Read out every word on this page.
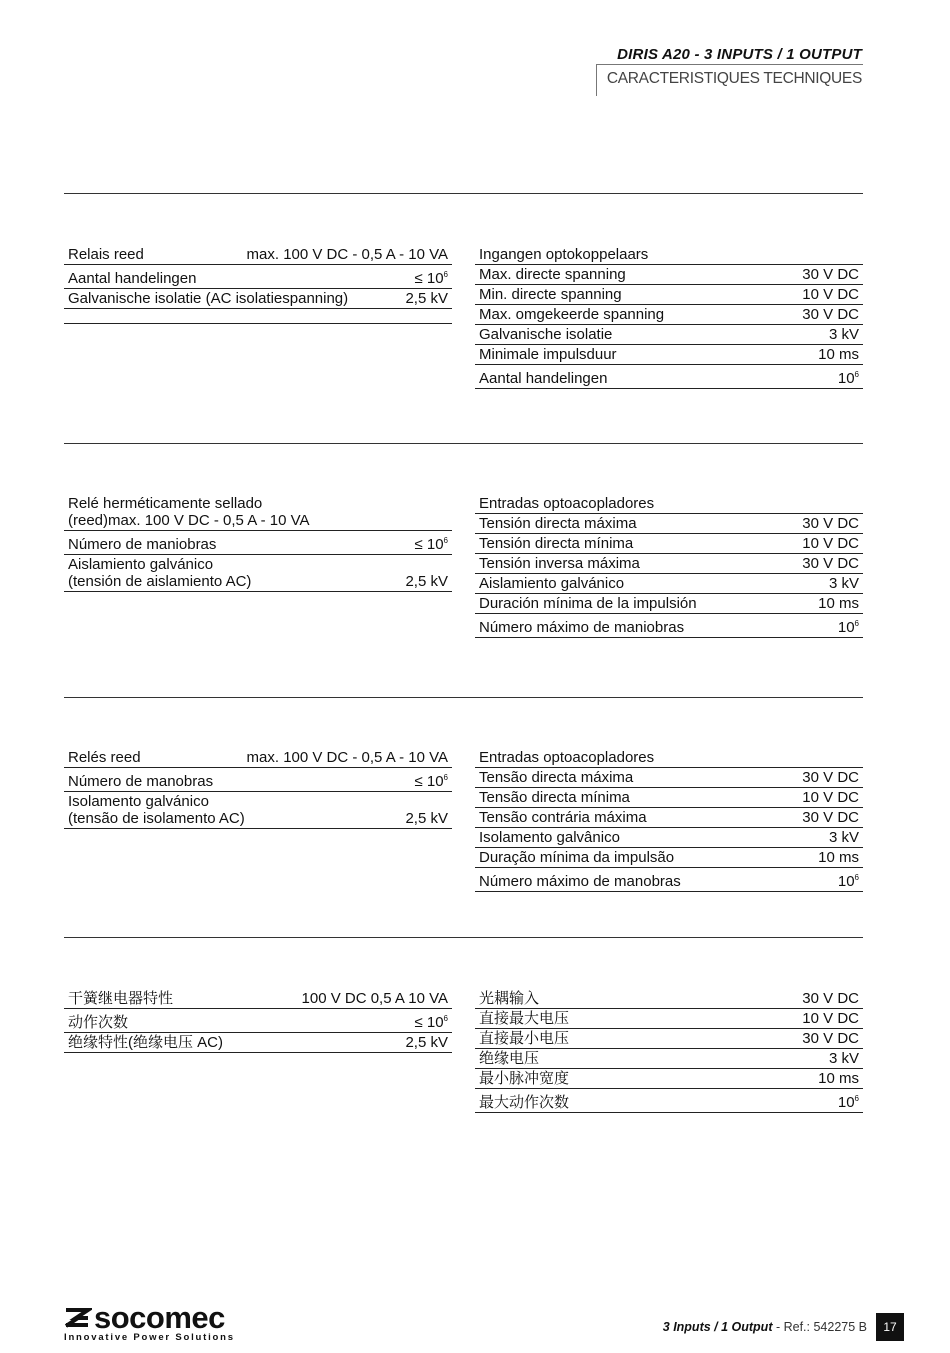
DIRIS A20 - 3 INPUTS / 1 OUTPUT
CARACTERISTIQUES TECHNIQUES
Relais reed	max. 100 V DC - 0,5 A - 10 VA
Aantal handelingen	≤ $10^6$
Galvanische isolatie (AC isolatiespanning)	2,5 kV
Ingangen optokoppelaars
Max. directe spanning	30 V DC
Min. directe spanning	10 V DC
Max. omgekeerde spanning	30 V DC
Galvanische isolatie	3 kV
Minimale impulsduur	10 ms
Aantal handelingen	$10^6$
Relé herméticamente sellado (reed)max. 100 V DC - 0,5 A - 10 VA
Número de maniobras	≤ $10^6$
Aislamiento galvánico
(tensión de aislamiento AC)	2,5 kV
Entradas optoacopladores
Tensión directa máxima	30 V DC
Tensión directa mínima	10 V DC
Tensión inversa máxima	30 V DC
Aislamiento galvánico	3 kV
Duración mínima de la impulsión	10 ms
Número máximo de maniobras	$10^6$
Relés reed	max. 100 V DC - 0,5 A - 10 VA
Número de manobras	≤ $10^6$
Isolamento galvánico
(tensão de isolamento AC)	2,5 kV
Entradas optoacopladores
Tensão directa máxima	30 V DC
Tensão directa mínima	10 V DC
Tensão contrária máxima	30 V DC
Isolamento galvânico	3 kV
Duração mínima da impulsão	10 ms
Número máximo de manobras	$10^6$
干簧继电器特性	100 V DC 0,5 A 10 VA
动作次数	≤ $10^6$
绝缘特性(绝缘电压 AC)	2,5 kV
光耦输入	30 V DC
直接最大电压	10 V DC
直接最小电压	30 V DC
绝缘电压	3 kV
最小脉冲宽度	10 ms
最大动作次数	$10^6$
socomec
Innovative Power Solutions
3 Inputs / 1 Output - Ref.: 542275 B	17
